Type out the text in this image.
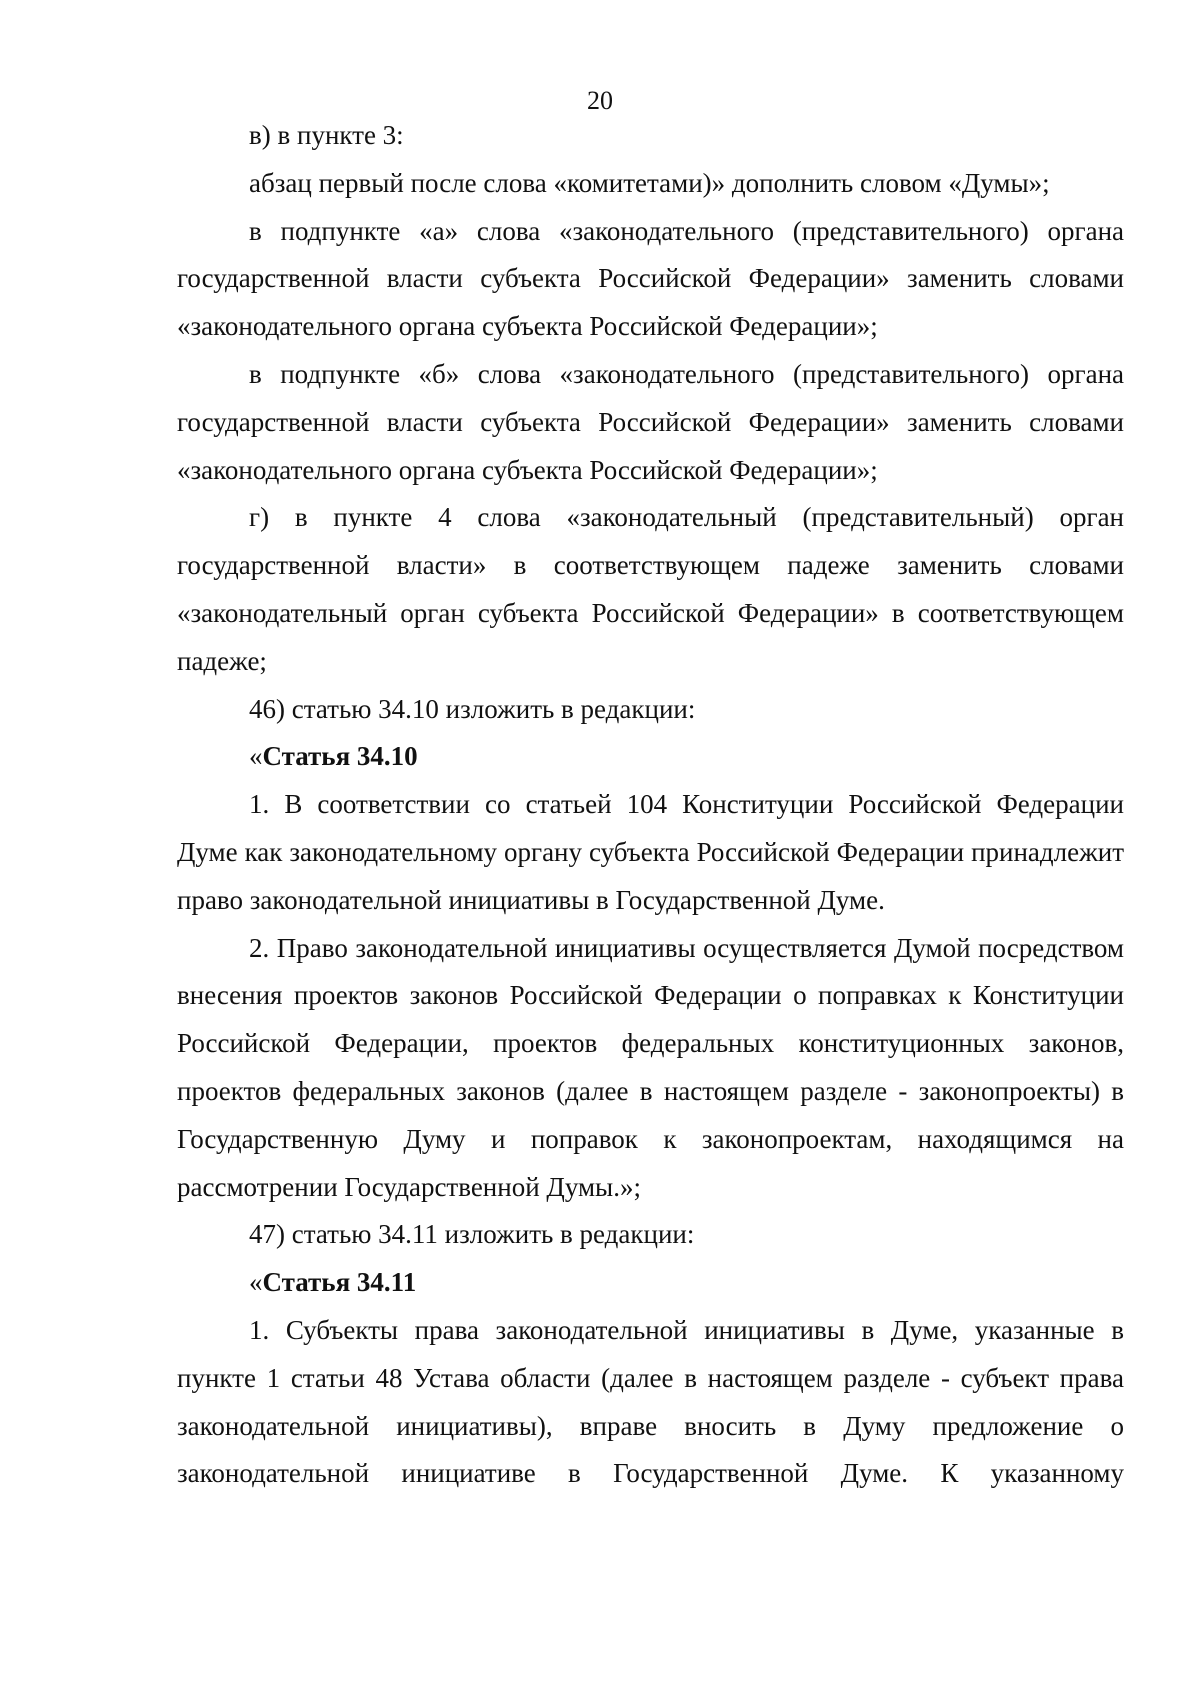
20

в) в пункте 3:

абзац первый после слова «комитетами)» дополнить словом «Думы»;

в подпункте «а» слова «законодательного (представительного) органа государственной власти субъекта Российской Федерации» заменить словами «законодательного органа субъекта Российской Федерации»;

в подпункте «б» слова «законодательного (представительного) органа государственной власти субъекта Российской Федерации» заменить словами «законодательного органа субъекта Российской Федерации»;

г) в пункте 4 слова «законодательный (представительный) орган государственной власти» в соответствующем падеже заменить словами «законодательный орган субъекта Российской Федерации» в соответствующем падеже;

46) статью 34.10 изложить в редакции:

«Статья 34.10

1. В соответствии со статьей 104 Конституции Российской Федерации Думе как законодательному органу субъекта Российской Федерации принадлежит право законодательной инициативы в Государственной Думе.

2. Право законодательной инициативы осуществляется Думой посредством внесения проектов законов Российской Федерации о поправках к Конституции Российской Федерации, проектов федеральных конституционных законов, проектов федеральных законов (далее в настоящем разделе - законопроекты) в Государственную Думу и поправок к законопроектам, находящимся на рассмотрении Государственной Думы.»;

47) статью 34.11 изложить в редакции:

«Статья 34.11

1. Субъекты права законодательной инициативы в Думе, указанные в пункте 1 статьи 48 Устава области (далее в настоящем разделе - субъект права законодательной инициативы), вправе вносить в Думу предложение о законодательной инициативе в Государственной Думе. К указанному
